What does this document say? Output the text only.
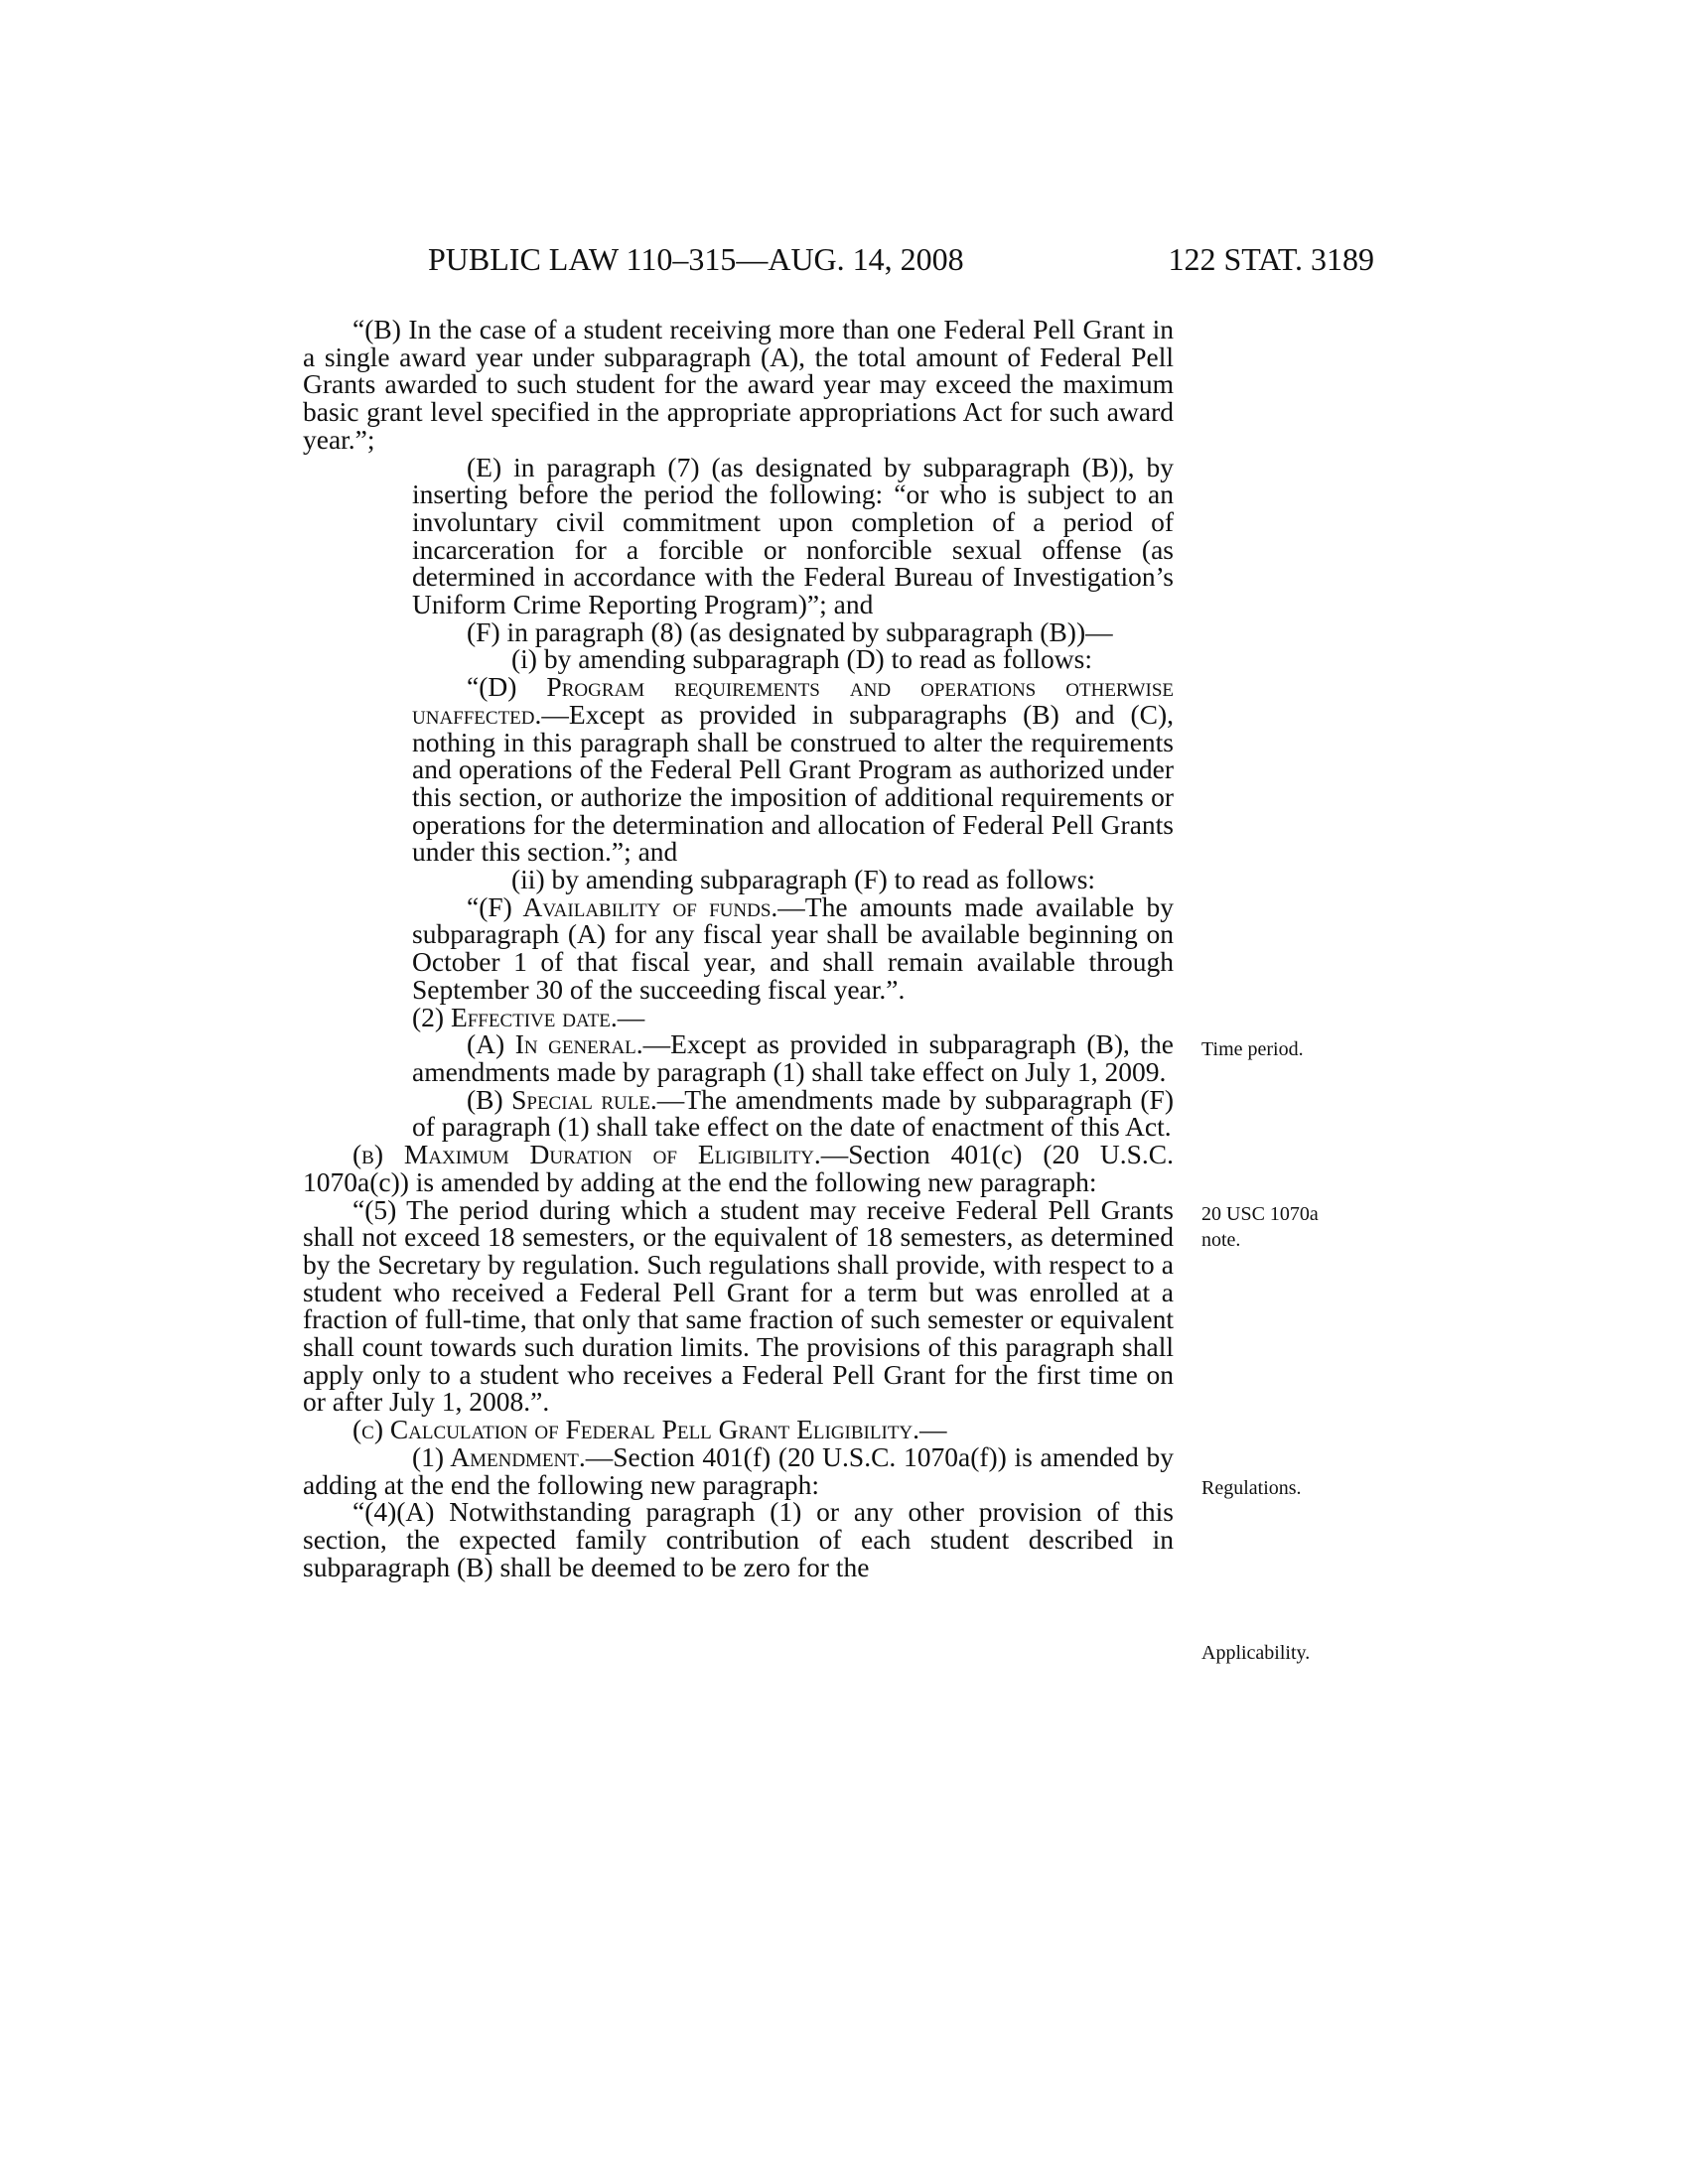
PUBLIC LAW 110–315—AUG. 14, 2008	122 STAT. 3189

“(B) In the case of a student receiving more than one Federal Pell Grant in a single award year under subparagraph (A), the total amount of Federal Pell Grants awarded to such student for the award year may exceed the maximum basic grant level specified in the appropriate appropriations Act for such award year.”;

(E) in paragraph (7) (as designated by subparagraph (B)), by inserting before the period the following: “or who is subject to an involuntary civil commitment upon completion of a period of incarceration for a forcible or nonforcible sexual offense (as determined in accordance with the Federal Bureau of Investigation’s Uniform Crime Reporting Program)”; and

(F) in paragraph (8) (as designated by subparagraph (B))—

(i) by amending subparagraph (D) to read as follows:

“(D) Program requirements and operations otherwise unaffected.—Except as provided in subparagraphs (B) and (C), nothing in this paragraph shall be construed to alter the requirements and operations of the Federal Pell Grant Program as authorized under this section, or authorize the imposition of additional requirements or operations for the determination and allocation of Federal Pell Grants under this section.”; and

(ii) by amending subparagraph (F) to read as follows:

“(F) Availability of funds.—The amounts made available by subparagraph (A) for any fiscal year shall be available beginning on October 1 of that fiscal year, and shall remain available through September 30 of the succeeding fiscal year.”.

(2) Effective date.—

(A) In general.—Except as provided in subparagraph (B), the amendments made by paragraph (1) shall take effect on July 1, 2009.

(B) Special rule.—The amendments made by subparagraph (F) of paragraph (1) shall take effect on the date of enactment of this Act.

(b) Maximum Duration of Eligibility.—Section 401(c) (20 U.S.C. 1070a(c)) is amended by adding at the end the following new paragraph:

“(5) The period during which a student may receive Federal Pell Grants shall not exceed 18 semesters, or the equivalent of 18 semesters, as determined by the Secretary by regulation. Such regulations shall provide, with respect to a student who received a Federal Pell Grant for a term but was enrolled at a fraction of full-time, that only that same fraction of such semester or equivalent shall count towards such duration limits. The provisions of this paragraph shall apply only to a student who receives a Federal Pell Grant for the first time on or after July 1, 2008.”.

(c) Calculation of Federal Pell Grant Eligibility.—

(1) Amendment.—Section 401(f) (20 U.S.C. 1070a(f)) is amended by adding at the end the following new paragraph:

“(4)(A) Notwithstanding paragraph (1) or any other provision of this section, the expected family contribution of each student described in subparagraph (B) shall be deemed to be zero for the

Time period.
20 USC 1070a
note.
Regulations.
Applicability.
